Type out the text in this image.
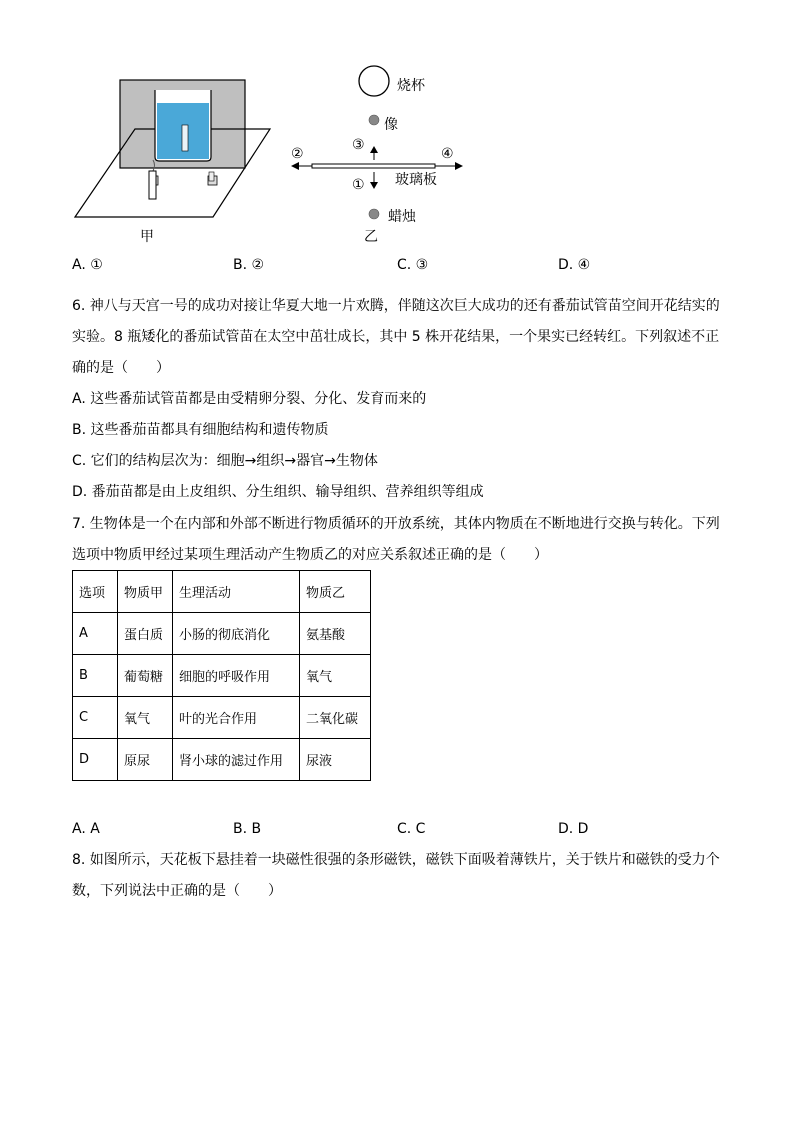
甲
烧杯
像
③
②	④
玻璃板
①
蜡烛
乙
A. ①	B. ②	C. ③	D. ④
6. 神八与天宫一号的成功对接让华夏大地一片欢腾，伴随这次巨大成功的还有番茄试管苗空间开花结实的
实验。8 瓶矮化的番茄试管苗在太空中茁壮成长，其中 5 株开花结果，一个果实已经转红。下列叙述不正
确的是（　　）
A. 这些番茄试管苗都是由受精卵分裂、分化、发育而来的
B. 这些番茄苗都具有细胞结构和遗传物质
C. 它们的结构层次为：细胞→组织→器官→生物体
D. 番茄苗都是由上皮组织、分生组织、输导组织、营养组织等组成
7. 生物体是一个在内部和外部不断进行物质循环的开放系统，其体内物质在不断地进行交换与转化。下列
选项中物质甲经过某项生理活动产生物质乙的对应关系叙述正确的是（　　）
选项	物质甲	生理活动	物质乙
A	蛋白质	小肠的彻底消化	氨基酸
B	葡萄糖	细胞的呼吸作用	氧气
C	氧气	叶的光合作用	二氧化碳
D	原尿	肾小球的滤过作用	尿液
A. A	B. B	C. C	D. D
8. 如图所示，天花板下悬挂着一块磁性很强的条形磁铁，磁铁下面吸着薄铁片，关于铁片和磁铁的受力个
数，下列说法中正确的是（　　）
